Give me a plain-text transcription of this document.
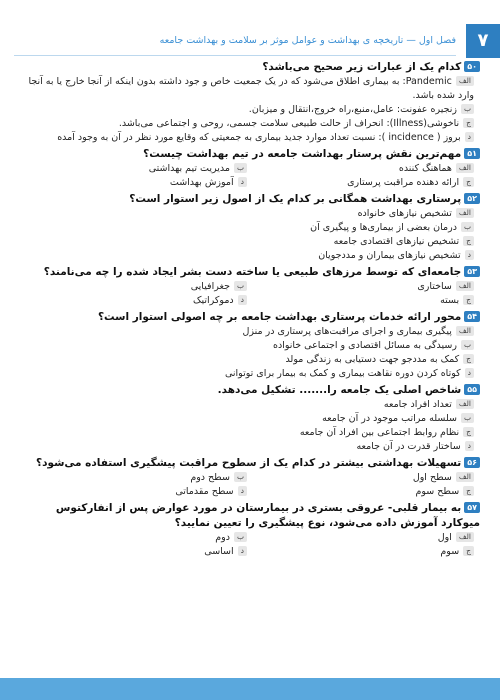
۷
فصل اول — تاریخچه ی بهداشت و عوامل موثر بر سلامت و بهداشت جامعه
۵۰کدام یک از عبارات زیر صحیح می‌باشد؟
الفPandemic: به بیماری اطلاق می‌شود که در یک جمعیت خاص و جود داشته بدون اینکه از آنجا خارج یا به آنجا وارد شده باشد.
بزنجیره عفونت: عامل،منبع،راه خروج،انتقال و میزبان.
جناخوشی(Illness): انحراف از حالت طبیعی سلامت جسمی، روحی و اجتماعی می‌باشد.
دبروز ( incidence ): نسبت تعداد موارد جدید بیماری به جمعیتی که وقایع مورد نظر در آن به وجود آمده
۵۱مهم‌ترین نقش پرستار بهداشت جامعه در تیم بهداشت چیست؟
الفهماهنگ کننده
بمدیریت تیم بهداشتی
جارائه دهنده مراقبت پرستاری
دآموزش بهداشت
۵۲پرستاری بهداشت همگانی بر کدام یک از اصول زیر استوار است؟
الفتشخیص نیازهای خانواده
بدرمان بعضی از بیماری‌ها و پیگیری آن
جتشخیص نیازهای اقتصادی جامعه
دتشخیص نیازهای بیماران و مددجویان
۵۳جامعه‌ای که توسط مرزهای طبیعی یا ساخته دست بشر ایجاد شده را چه می‌نامند؟
الفساختاری
بجغرافیایی
جبسته
ددموکراتیک
۵۴محور ارائه خدمات پرستاری بهداشت جامعه بر چه اصولی استوار است؟
الفپیگیری بیماری و اجرای مراقبت‌های پرستاری در منزل
برسیدگی به مسائل اقتصادی و اجتماعی خانواده
جکمک به مددجو جهت دستیابی به زندگی مولد
دکوتاه کردن دوره نقاهت بیماری و کمک به بیمار برای توتوانی
۵۵شاخص اصلی یک جامعه را....... تشکیل می‌دهد.
الفتعداد افراد جامعه
بسلسله مراتب موجود در آن جامعه
جنظام روابط اجتماعی بین افراد آن جامعه
دساختار قدرت در آن جامعه
۵۶تسهیلات بهداشتی بیشتر در کدام یک از سطوح مراقبت پیشگیری استفاده می‌شود؟
الفسطح اول
بسطح دوم
جسطح سوم
دسطح مقدماتی
۵۷به بیمار قلبی- عروقی بستری در بیمارستان در مورد عوارض پس از انفارکتوس میوکارد آموزش داده می‌شود، نوع پیشگیری را تعیین نمایید؟
الفاول
بدوم
جسوم
داساسی
